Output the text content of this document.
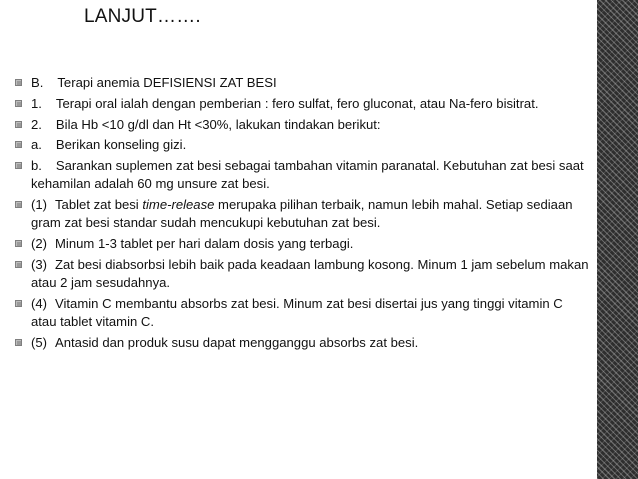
LANJUT…….
B. Terapi anemia DEFISIENSI ZAT BESI
1. Terapi oral ialah dengan pemberian : fero sulfat, fero gluconat, atau Na-fero bisitrat.
2. Bila Hb <10 g/dl dan Ht <30%, lakukan tindakan berikut:
a. Berikan konseling gizi.
b. Sarankan suplemen zat besi sebagai tambahan vitamin paranatal. Kebutuhan zat besi saat kehamilan adalah 60 mg unsure zat besi.
(1) Tablet zat besi time-release merupaka pilihan terbaik, namun lebih mahal. Setiap sediaan gram zat besi standar sudah mencukupi kebutuhan zat besi.
(2) Minum 1-3 tablet per hari dalam dosis yang terbagi.
(3) Zat besi diabsorbsi lebih baik pada keadaan lambung kosong. Minum 1 jam sebelum makan atau 2 jam sesudahnya.
(4) Vitamin C membantu absorbs zat besi. Minum zat besi disertai jus yang tinggi vitamin C atau tablet vitamin C.
(5) Antasid dan produk susu dapat mengganggu absorbs zat besi.
